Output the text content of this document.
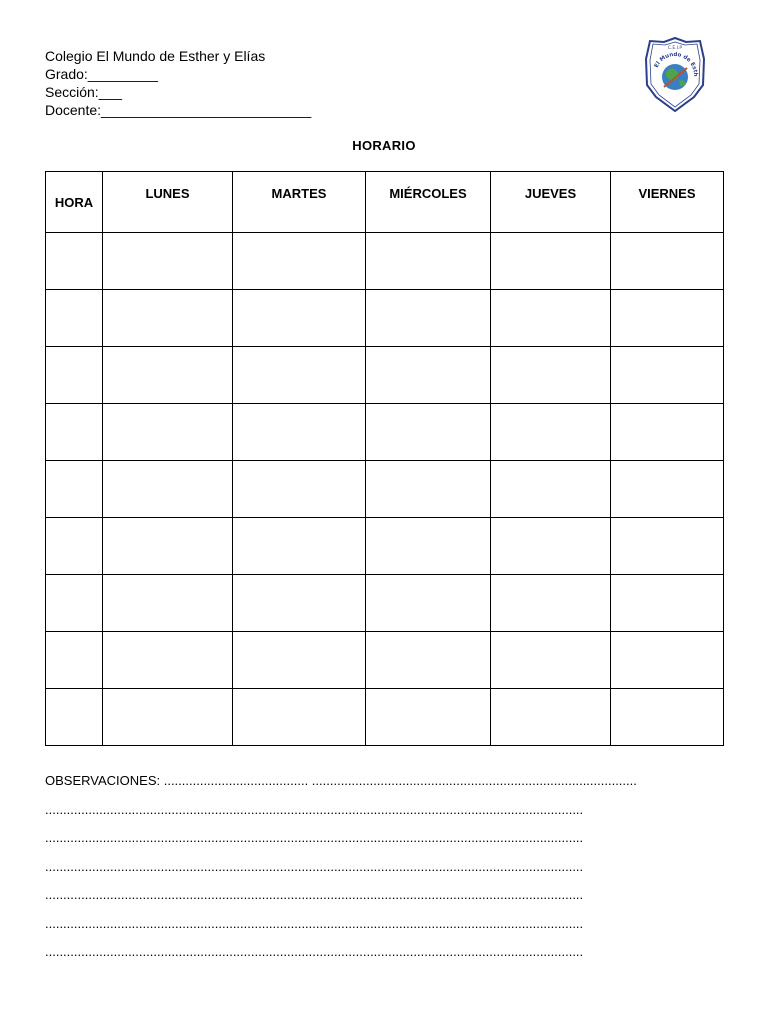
Colegio El Mundo de Esther y Elías
Grado:_________
Sección:___
Docente:___________________________
El Mundo de Esth
C.E.I.P
HORARIO
HORA	LUNES	MARTES	MIÉRCOLES	JUEVES	VIERNES

OBSERVACIONES: ........................................ ..........................................................................................
.....................................................................................................................................................
.....................................................................................................................................................
.....................................................................................................................................................
.....................................................................................................................................................
.....................................................................................................................................................
.....................................................................................................................................................
